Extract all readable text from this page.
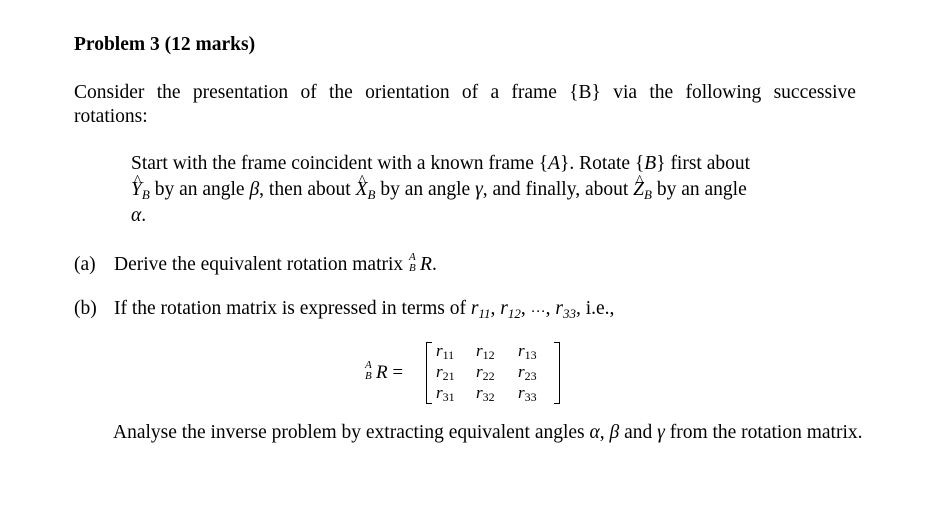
Problem 3 (12 marks)
Consider the presentation of the orientation of a frame {B} via the following successive
rotations:
Start with the frame coincident with a known frame {A}. Rotate {B} first about
^ $Y_B$ by an angle β, then about ^ $X_B$ by an angle γ, and finally, about ^ $Z_B$ by an angle
α.
(a) Derive the equivalent rotation matrix A
B R.
(b) If the rotation matrix is expressed in terms of $r_{11}$, $r_{12}$, …, $r_{33}$, i.e.,
A
B R =
r11 r12 r13
r21 r22 r23
r31 r32 r33
Analyse the inverse problem by extracting equivalent angles α, β and γ from the rotation matrix.
